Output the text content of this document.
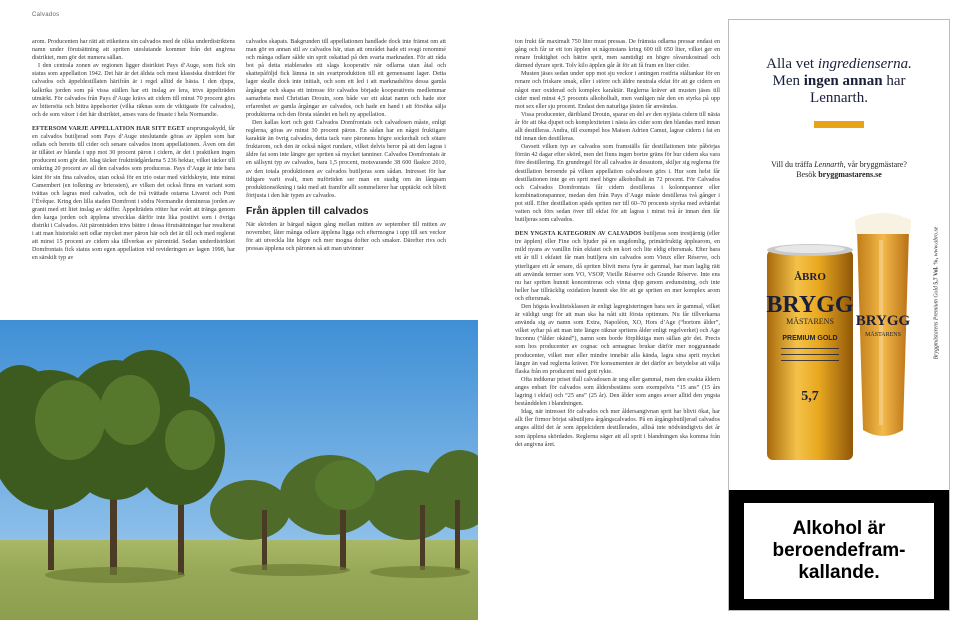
Calvados

arom. Producenten har rätt att etikettera sin calvados med de olika underdistriktens namn under förutsättning att spriten uteslutande kommer från det angivna distriktet, men gör det numera sällan.

I den centrala zonen av regionen ligger distriktet Pays d’Auge, som fick sin status som appellation 1942. Det här är det äldsta och mest klassiska distriktet för calvados och äppeldestillaten härifrån är i regel alltid de bästa. I den djupa, kalkrika jorden som på vissa ställen har ett inslag av lera, trivs äppelträden utmärkt. För calvados från Pays d’Auge krävs att cidern till minst 70 procent görs av bittersöta och bittra äppelsorter (vilka räknas som de viktigaste för calvados), och de som växer i det här distriktet, anses vara de finaste i hela Normandie.

EFTERSOM VARJE APPELLATION HAR SITT EGET ursprungsskydd, får en calvados butiljerad som Pays d’Auge uteslutande göras av äpplen som har odlats och beretts till cider och senare calvados inom appellationen. Även om det är tillåtet av blanda i upp mot 30 procent päron i cidern, är det i praktiken ingen producent som gör det. Idag täcker fruktträdgårdarna 5 236 hektar, vilket täcker till omkring 20 procent av all den calvados som produceras. Pays d’Auge är inte bara känt för sin fina calvados, utan också för en trio ostar med världskryte, inte minst Camembert (en tolkning av brieosten), av vilken det också finns en variant som tvättas och lagras med calvados, och de två tvättade ostarna Livarot och Pont l’Évêque. Kring den lilla staden Domfront i södra Normandie domineras jorden av granit med ett litet inslag av skiffer. Äppelträdets rötter har svårt att tränga genom den karga jorden och äpplena utvecklas därför inte lika positivt som i övriga distrikt i Calvados. Att päronträden trivs bättre i dessa förutsättningar har resulterat i att man historiskt sett odlar mycket mer päron här och det är till och med reglerat att minst 15 procent av cidern ska tillverkas av päronträd. Sedan underdistriktet Domfrontais fick status som egen appellation vid revideringen av lagen 1998, har en särskilt typ av

calvados skapats. Bakgrunden till appellationen handlade dock inte främst om att man gör en annan stil av calvados här, utan att området hade ett svagt renommé och många odlare sålde sin sprit oskattad på den svarta marknaden. För att råda bot på detta etablerades ett slags kooperativ när odlarna utan åtal och skattepåföljd fick lämna in sin svartproduktion till ett gemensamt lager. Detta lager skulle dock inte initialt, och som ett led i att marknadsföra dessa gamla årgångar och skapa ett intresse för calvados började kooperativets medlemmar samarbeta med Christian Drouin, som både var ett aktat namn och hade stor erfarenhet av gamla årgångar av calvados, och hade en hand i att försöka sälja produkterna och den första ståndet en helt ny appellation.

Den kallas kort och gott Calvados Domfrontais och calvadosen måste, enligt reglerna, göras av minst 30 procent päron. En sådan har en något fruktigare karaktär än övrig calvados, detta tack vare päronens högre sockerhalt och sötare fruktarom, och den är också något rundare, vilket delvis beror på att den lagras i äldre fat som inte längre ger spriten så mycket tanniner. Calvados Domfrontais är en sällsynt typ av calvados, bara 1,5 procent, motsvarande 38 600 flaskor 2010, av den totala produktionen av calvados butiljeras som sådan. Intresset för har tidigare varit svalt, men nuförtiden ser man en stadig om än långsam produktionsökning i takt med att framför allt sommelierer har upptäckt och blivit förtjusta i den här typen av calvados.

Från äpplen till calvados

När skörden är bärgad någon gång mellan mitten av september till mitten av november, låter många odlare äpplena ligga och eftermogna i upp till sex veckor för att utveckla lite högre och mer mogna dofter och smaker. Därefter rivs och pressas äpplena och päronen så att man utvinner

ton frukt får maximalt 750 liter must pressas. De främsta odlarna pressar endast en gång och får ur ett ton äpplen ut någonstans kring 600 till 650 liter, vilket ger en renare fruktighet och bättre sprit, men samtidigt en högre råvarukostnad och därmed dyrare sprit. Tolv kilo äpplen går åt för att få fram en liter cider.

Musten jäses sedan under upp mot sju veckor i antingen rostfria ståltankar för en renare och friskare smak, eller i större och äldre neutrala ekfat för att ge cidern en något mer oxiderad och komplex karaktär. Reglerna kräver att musten jäses till cider med minst 4,5 procents alkoholhalt, men vanligen når den en styrka på upp mot sex eller sju procent. Endast den naturliga jästen får användas.

Vissa producenter, däribland Drouin, sparar en del av den nyjästa cidern till nästa år för att öka djupet och komplexiteten i nästa års cider som den blandas med innan allt destilleras. Andra, till exempel hos Maison Adrien Camut, lagrar cidern i fat en tid innan den destilleras.

Oavsett vilken typ av calvados som framställs får destillationen inte påbörjas förrän 42 dagar efter skörd, men det finns ingen bortre gräns för hur cidern ska vara före destillering. En grundregel för all calvados är dessutom, skiljer sig reglerna för destillation beroende på vilken appellation calvadosen görs i. Hur som helst får destillationen inte ge en sprit med högre alkoholhalt än 72 procent. För Calvados och Calvados Domfrontais får cidern destilleras i kolonnpannor eller kombinationspannor, medan den från Pays d’Auge måste destilleras två gånger i pot still. Efter destillation späds spriten ner till 60–70 procents styrka med avhärdat vatten och förs sedan över till ekfat för att lagras i minst två år innan den får butiljeras som calvados.

DEN YNGSTA KATEGORIN AV CALVADOS butiljeras som trestjärnig (eller tre äpplen) eller Fine och bjuder på en ungdomlig, primärfruktig äpplearom, en mild nyans av vanillin från ekfatet och en kort och lite eldig eftersmak. Efter bara ett år till i ekfatet får man butiljera sin calvados som Vieux eller Réserve, och ytterligare ett år senare, då spriten blivit mera fyra år gammal, har man laglig rätt att använda termer som VO, VSOP, Vieille Réserve och Grande Réserve. Inte ens nu har spriten hunnit koncentreras och vinna djup genom avdunstning, och inte heller har tillräcklig oxidation hunnit ske för att ge spriten en mer komplex arom och eftersmak.

Den högsta kvalitetsklassen är enligt lagregisteringen bara sex år gammal, vilket är väldigt ungt för att man ska ha nått sitt första optimum. Nu får tillverkarna använda sig av namn som Extra, Napoléon, XO, Hors d’Age (“bortom ålder”, vilket syftar på att man inte längre räknar spritens ålder enligt regelverket) och Age Inconnu (“ålder okänd”), namn som borde förpliktiga men sällan gör det. Precis som hos producenter av cognac och armagnac brukar därför mer noggrannade producenter, vilket mer eller mindre innebär alla kända, lagra sina sprit mycket längre än vad reglerna kräver. För konsumenten är det därför av betydelse att välja flaska från en producent med gott rykte.

Ofta indikerar priset ifall calvadosen är ung eller gammal, men den exakta åldern anges enbart för calvados som åldersbestäms som exempelvis “15 ans” (15 års lagring i ekfat) och “25 ans” (25 år). Den ålder som anges avser alltid den yngsta bestånddelen i blandningen.

Idag, när intresset för calvados och mer åldersangivnan sprit har blivit ökat, har allt fler firmor börjat säbutiljera årgångscalvados. På en årgångsbutiljerad calvados anges alltid det år som äppelcidern destillerades, alltså inte nödvändigtvis det år som äpplena skördades. Reglerna säger att all sprit i blandningen ska komma från det angivna året.

Alla vet ingredienserna.
Men ingen annan har
Lennarth.
Vill du träffa Lennarth, vår bryggmästare?
Besök bryggmastarens.se
BRYGG
MÄSTARENS
ÅBRO
BRYGG
MÄSTARENS
PREMIUM GOLD
5,7
Bryggmästarens Premium Gold 5,7 Vol. %, www.abro.se
Alkohol är
beroendefram-
kallande.
